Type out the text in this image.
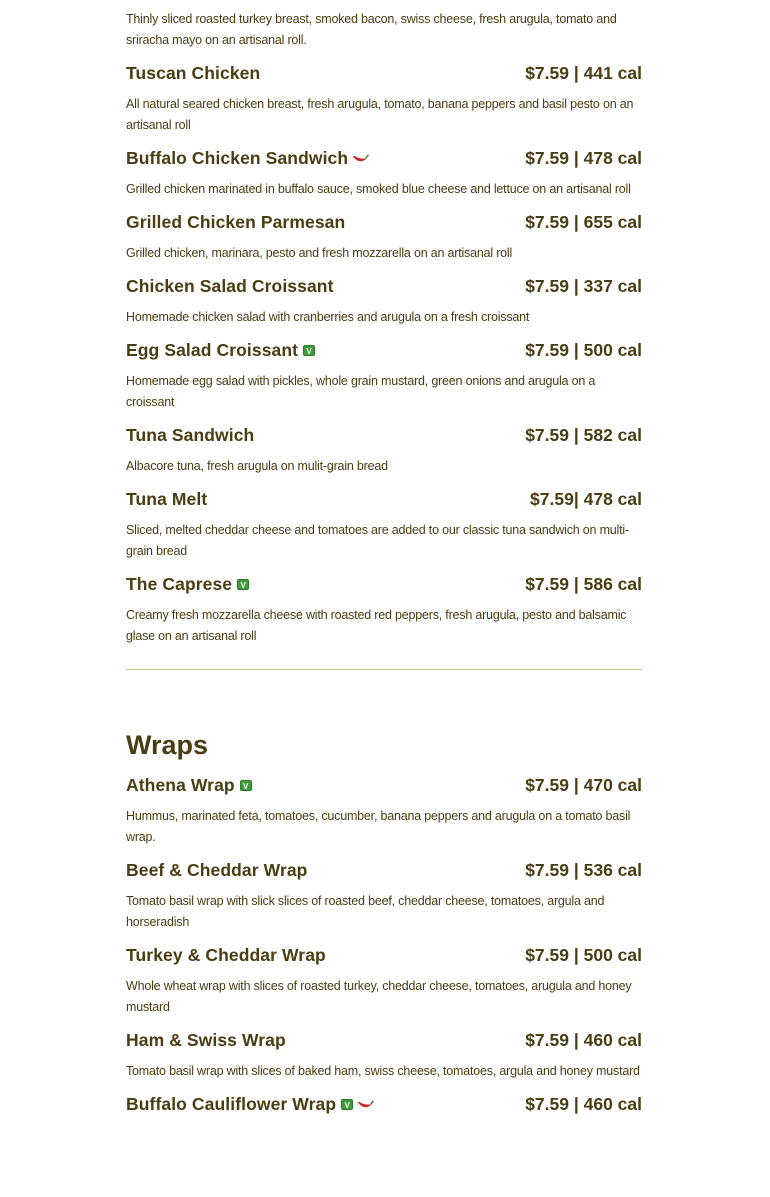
Thinly sliced roasted turkey breast, smoked bacon, swiss cheese, fresh arugula, tomato and sriracha mayo on an artisanal roll.
Tuscan Chicken	$7.59 | 441 cal
All natural seared chicken breast, fresh arugula, tomato, banana peppers and basil pesto on an artisanal roll
Buffalo Chicken Sandwich	$7.59 | 478 cal
Grilled chicken marinated in buffalo sauce, smoked blue cheese and lettuce on an artisanal roll
Grilled Chicken Parmesan	$7.59 | 655 cal
Grilled chicken, marinara, pesto and fresh mozzarella on an artisanal roll
Chicken Salad Croissant	$7.59 | 337 cal
Homemade chicken salad with cranberries and arugula on a fresh croissant
Egg Salad Croissant	V	$7.59 | 500 cal
Homemade egg salad with pickles, whole grain mustard, green onions and arugula on a croissant
Tuna Sandwich	$7.59 | 582 cal
Albacore tuna, fresh arugula on mulit-grain bread
Tuna Melt	$7.59| 478 cal
Sliced, melted cheddar cheese and tomatoes are added to our classic tuna sandwich on multi-grain bread
The Caprese	V	$7.59 | 586 cal
Creamy fresh mozzarella cheese with roasted red peppers, fresh arugula, pesto and balsamic glase on an artisanal roll
Wraps
Athena Wrap	V	$7.59 | 470 cal
Hummus, marinated feta, tomatoes, cucumber, banana peppers and arugula on a tomato basil wrap.
Beef & Cheddar Wrap	$7.59 | 536 cal
Tomato basil wrap with slick slices of roasted beef, cheddar cheese, tomatoes, argula and horseradish
Turkey & Cheddar Wrap	$7.59 | 500 cal
Whole wheat wrap with slices of roasted turkey, cheddar cheese, tomatoes, arugula and honey mustard
Ham & Swiss Wrap	$7.59 | 460 cal
Tomato basil wrap with slices of baked ham, swiss cheese, tomatoes, argula and honey mustard
Buffalo Cauliflower Wrap	V	$7.59 | 460 cal
